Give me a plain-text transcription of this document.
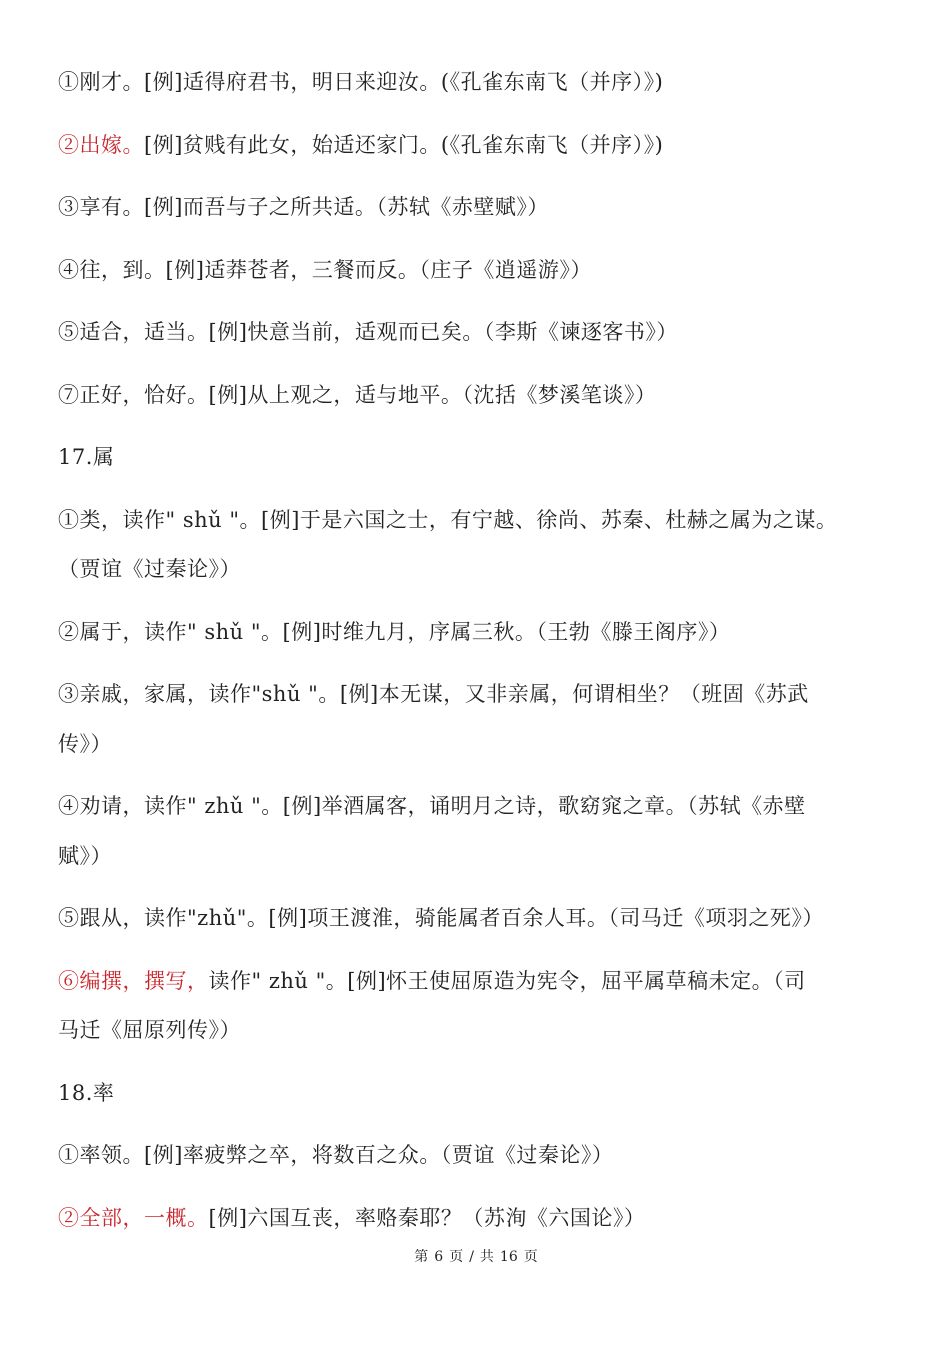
①刚才。[例]适得府君书，明日来迎汝。(《孔雀东南飞（并序）》)
②出嫁。[例]贫贱有此女，始适还家门。(《孔雀东南飞（并序）》)
③享有。[例]而吾与子之所共适。（苏轼《赤壁赋》）
④往，到。[例]适莽苍者，三餐而反。（庄子《逍遥游》）
⑤适合，适当。[例]快意当前，适观而已矣。（李斯《谏逐客书》）
⑦正好，恰好。[例]从上观之，适与地平。（沈括《梦溪笔谈》）
17.属
①类，读作" shǔ "。[例]于是六国之士，有宁越、徐尚、苏秦、杜赫之属为之谋。
（贾谊《过秦论》）
②属于，读作" shǔ "。[例]时维九月，序属三秋。（王勃《滕王阁序》）
③亲戚，家属，读作"shǔ "。[例]本无谋，又非亲属，何谓相坐？（班固《苏武
传》）
④劝请，读作" zhǔ "。[例]举酒属客，诵明月之诗，歌窈窕之章。（苏轼《赤壁
赋》）
⑤跟从，读作"zhǔ"。[例]项王渡淮，骑能属者百余人耳。（司马迁《项羽之死》）
⑥编撰，撰写，读作" zhǔ "。[例]怀王使屈原造为宪令，屈平属草稿未定。（司
马迁《屈原列传》）
18.率
①率领。[例]率疲弊之卒，将数百之众。（贾谊《过秦论》）
②全部，一概。[例]六国互丧，率赂秦耶？（苏洵《六国论》）
第 6 页 / 共 16 页
